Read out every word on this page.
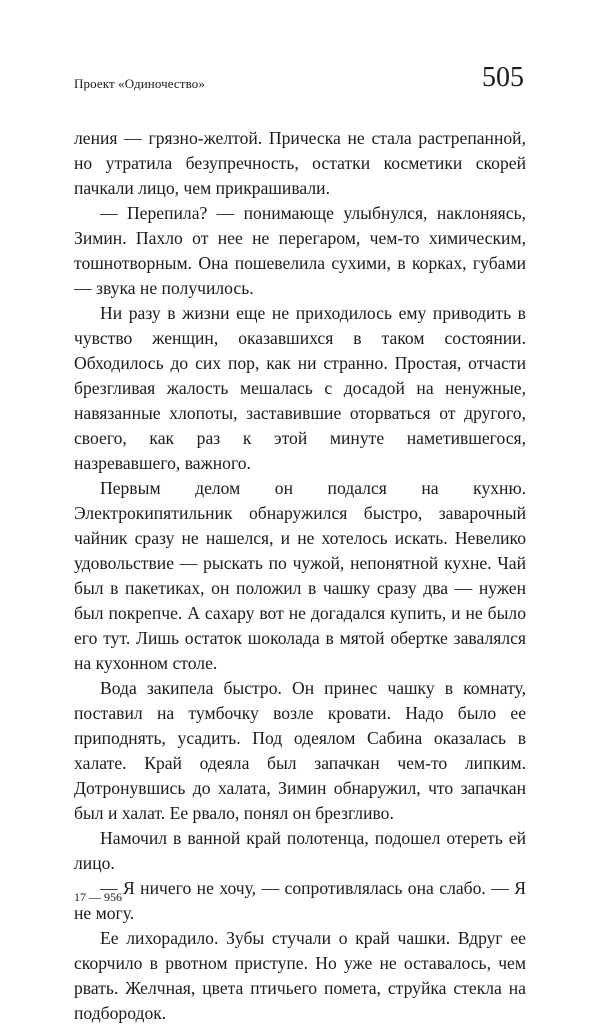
Проект «Одиночество»	505

ления — грязно-желтой. Прическа не стала растрепанной, но утратила безупречность, остатки косметики скорей пачкали лицо, чем прикрашивали.

— Перепила? — понимающе улыбнулся, наклоняясь, Зимин. Пахло от нее не перегаром, чем-то химическим, тошнотворным. Она пошевелила сухими, в корках, губами — звука не получилось.

Ни разу в жизни еще не приходилось ему приводить в чувство женщин, оказавшихся в таком состоянии. Обходилось до сих пор, как ни странно. Простая, отчасти брезгливая жалость мешалась с досадой на ненужные, навязанные хлопоты, заставившие оторваться от другого, своего, как раз к этой минуте наметившегося, назревавшего, важного.

Первым делом он подался на кухню. Электрокипятильник обнаружился быстро, заварочный чайник сразу не нашелся, и не хотелось искать. Невелико удовольствие — рыскать по чужой, непонятной кухне. Чай был в пакетиках, он положил в чашку сразу два — нужен был покрепче. А сахару вот не догадался купить, и не было его тут. Лишь остаток шоколада в мятой обертке завалялся на кухонном столе.

Вода закипела быстро. Он принес чашку в комнату, поставил на тумбочку возле кровати. Надо было ее приподнять, усадить. Под одеялом Сабина оказалась в халате. Край одеяла был запачкан чем-то липким. Дотронувшись до халата, Зимин обнаружил, что запачкан был и халат. Ее рвало, понял он брезгливо.

Намочил в ванной край полотенца, подошел отереть ей лицо.

— Я ничего не хочу, — сопротивлялась она слабо. — Я не могу.

Ее лихорадило. Зубы стучали о край чашки. Вдруг ее скорчило в рвотном приступе. Но уже не оставалось, чем рвать. Желчная, цвета птичьего помета, струйка стекла на подбородок.

17 — 956
